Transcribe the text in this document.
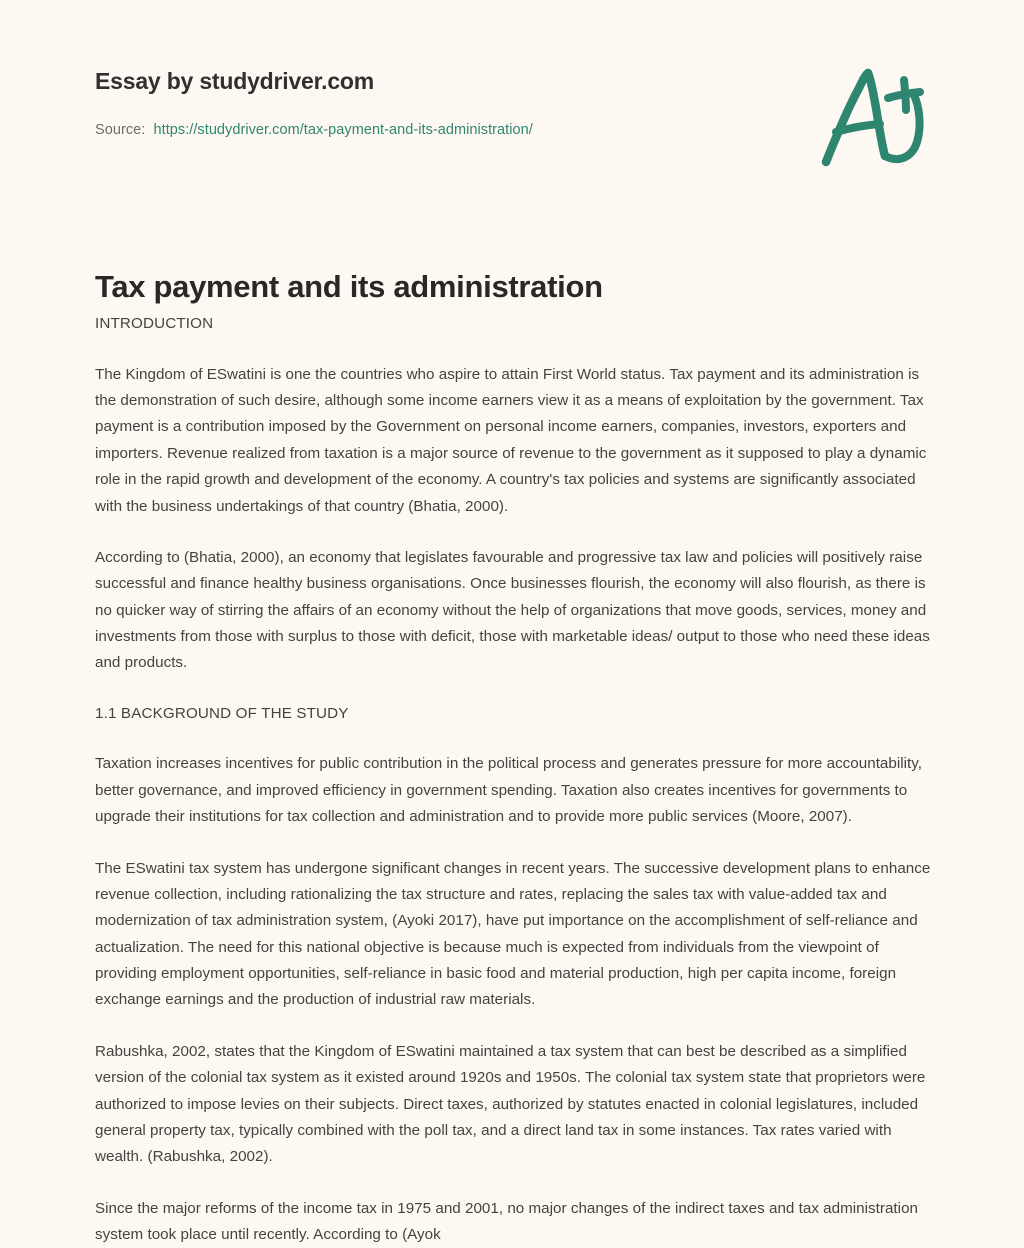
Essay by studydriver.com
Source: https://studydriver.com/tax-payment-and-its-administration/
Tax payment and its administration

INTRODUCTION

The Kingdom of ESwatini is one the countries who aspire to attain First World status. Tax payment and its administration is the demonstration of such desire, although some income earners view it as a means of exploitation by the government. Tax payment is a contribution imposed by the Government on personal income earners, companies, investors, exporters and importers. Revenue realized from taxation is a major source of revenue to the government as it supposed to play a dynamic role in the rapid growth and development of the economy. A country's tax policies and systems are significantly associated with the business undertakings of that country (Bhatia, 2000).

According to (Bhatia, 2000), an economy that legislates favourable and progressive tax law and policies will positively raise successful and finance healthy business organisations. Once businesses flourish, the economy will also flourish, as there is no quicker way of stirring the affairs of an economy without the help of organizations that move goods, services, money and investments from those with surplus to those with deficit, those with marketable ideas/ output to those who need these ideas and products.

1.1 BACKGROUND OF THE STUDY

Taxation increases incentives for public contribution in the political process and generates pressure for more accountability, better governance, and improved efficiency in government spending. Taxation also creates incentives for governments to upgrade their institutions for tax collection and administration and to provide more public services (Moore, 2007).

The ESwatini tax system has undergone significant changes in recent years. The successive development plans to enhance revenue collection, including rationalizing the tax structure and rates, replacing the sales tax with value-added tax and modernization of tax administration system, (Ayoki 2017), have put importance on the accomplishment of self-reliance and actualization. The need for this national objective is because much is expected from individuals from the viewpoint of providing employment opportunities, self-reliance in basic food and material production, high per capita income, foreign exchange earnings and the production of industrial raw materials.

Rabushka, 2002, states that the Kingdom of ESwatini maintained a tax system that can best be described as a simplified version of the colonial tax system as it existed around 1920s and 1950s. The colonial tax system state that proprietors were authorized to impose levies on their subjects. Direct taxes, authorized by statutes enacted in colonial legislatures, included general property tax, typically combined with the poll tax, and a direct land tax in some instances. Tax rates varied with wealth. (Rabushka, 2002).

Since the major reforms of the income tax in 1975 and 2001, no major changes of the indirect taxes and tax administration system took place until recently. According to (Ayok
